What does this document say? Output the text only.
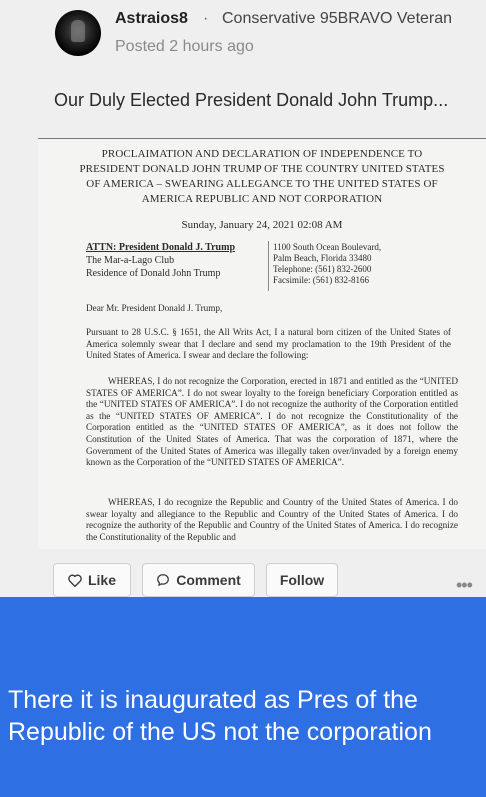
Astraios8 · Conservative 95BRAVO Veteran
Posted 2 hours ago
Our Duly Elected President Donald John Trump...
PROCLAIMATION AND DECLARATION OF INDEPENDENCE TO PRESIDENT DONALD JOHN TRUMP OF THE COUNTRY UNITED STATES OF AMERICA – SWEARING ALLEGANCE TO THE UNITED STATES OF AMERICA REPUBLIC AND NOT CORPORATION
Sunday, January 24, 2021 02:08 AM
ATTN: President Donald J. Trump
The Mar-a-Lago Club
Residence of Donald John Trump
1100 South Ocean Boulevard,
Palm Beach, Florida 33480
Telephone: (561) 832-2600
Facsimile: (561) 832-8166
Dear Mr. President Donald J. Trump,
Pursuant to 28 U.S.C. § 1651, the All Writs Act, I a natural born citizen of the United States of America solemnly swear that I declare and send my proclamation to the 19th President of the United States of America. I swear and declare the following:
WHEREAS, I do not recognize the Corporation, erected in 1871 and entitled as the “UNITED STATES OF AMERICA”. I do not swear loyalty to the foreign beneficiary Corporation entitled as the “UNITED STATES OF AMERICA”. I do not recognize the authority of the Corporation entitled as the “UNITED STATES OF AMERICA”. I do not recognize the Constitutionality of the Corporation entitled as the “UNITED STATES OF AMERICA”, as it does not follow the Constitution of the United States of America. That was the corporation of 1871, where the Government of the United States of America was illegally taken over/invaded by a foreign enemy known as the Corporation of the “UNITED STATES OF AMERICA”.
WHEREAS, I do recognize the Republic and Country of the United States of America. I do swear loyalty and allegiance to the Republic and Country of the United States of America. I do recognize the authority of the Republic and Country of the United States of America. I do recognize the Constitutionality of the Republic and
Like	Comment	Follow	•••
There it is inaugurated as Pres of the Republic of the US not the corporation
